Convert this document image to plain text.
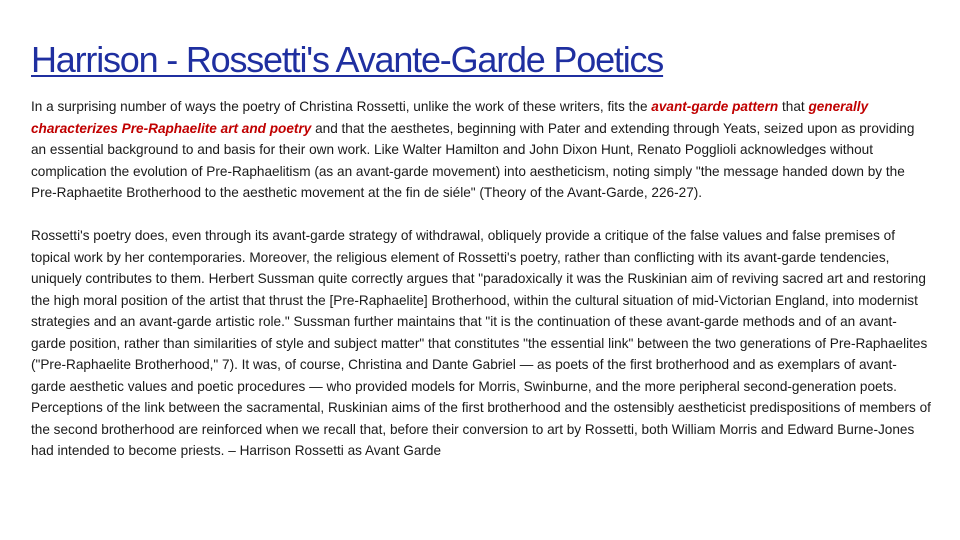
Harrison - Rossetti's Avante-Garde Poetics

In a surprising number of ways the poetry of Christina Rossetti, unlike the work of these writers, fits the avant-garde pattern that generally characterizes Pre-Raphaelite art and poetry and that the aesthetes, beginning with Pater and extending through Yeats, seized upon as providing an essential background to and basis for their own work. Like Walter Hamilton and John Dixon Hunt, Renato Pogglioli acknowledges without complication the evolution of Pre-Raphaelitism (as an avant-garde movement) into aestheticism, noting simply "the message handed down by the Pre-Raphaetite Brotherhood to the aesthetic movement at the fin de siéle" (Theory of the Avant-Garde, 226-27).

Rossetti's poetry does, even through its avant-garde strategy of withdrawal, obliquely provide a critique of the false values and false premises of topical work by her contemporaries. Moreover, the religious element of Rossetti's poetry, rather than conflicting with its avant-garde tendencies, uniquely contributes to them. Herbert Sussman quite correctly argues that "paradoxically it was the Ruskinian aim of reviving sacred art and restoring the high moral position of the artist that thrust the [Pre-Raphaelite] Brotherhood, within the cultural situation of mid-Victorian England, into modernist strategies and an avant-garde artistic role." Sussman further maintains that "it is the continuation of these avant-garde methods and of an avant-garde position, rather than similarities of style and subject matter" that constitutes "the essential link" between the two generations of Pre-Raphaelites ("Pre-Raphaelite Brotherhood," 7). It was, of course, Christina and Dante Gabriel — as poets of the first brotherhood and as exemplars of avant-garde aesthetic values and poetic procedures — who provided models for Morris, Swinburne, and the more peripheral second-generation poets. Perceptions of the link between the sacramental, Ruskinian aims of the first brotherhood and the ostensibly aestheticist predispositions of members of the second brotherhood are reinforced when we recall that, before their conversion to art by Rossetti, both William Morris and Edward Burne-Jones had intended to become priests. – Harrison Rossetti as Avant Garde
